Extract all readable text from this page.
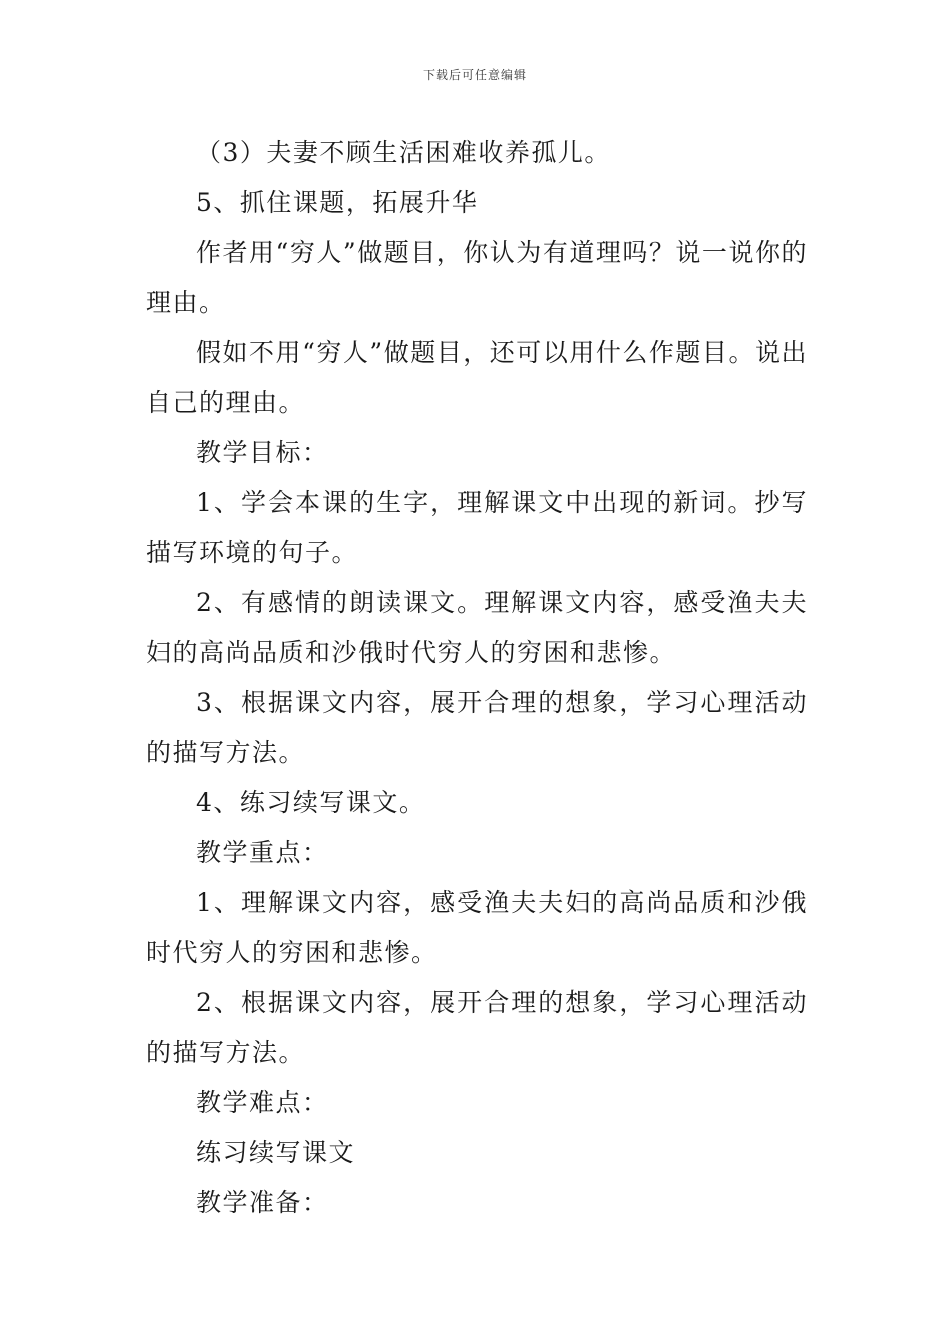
下载后可任意编辑

（3）夫妻不顾生活困难收养孤儿。

5、抓住课题，拓展升华

作者用“穷人”做题目，你认为有道理吗？说一说你的理由。

假如不用“穷人”做题目，还可以用什么作题目。说出自己的理由。

教学目标：

1、学会本课的生字，理解课文中出现的新词。抄写描写环境的句子。

2、有感情的朗读课文。理解课文内容，感受渔夫夫妇的高尚品质和沙俄时代穷人的穷困和悲惨。

3、根据课文内容，展开合理的想象，学习心理活动的描写方法。

4、练习续写课文。

教学重点：

1、理解课文内容，感受渔夫夫妇的高尚品质和沙俄时代穷人的穷困和悲惨。

2、根据课文内容，展开合理的想象，学习心理活动的描写方法。

教学难点：

练习续写课文

教学准备：
